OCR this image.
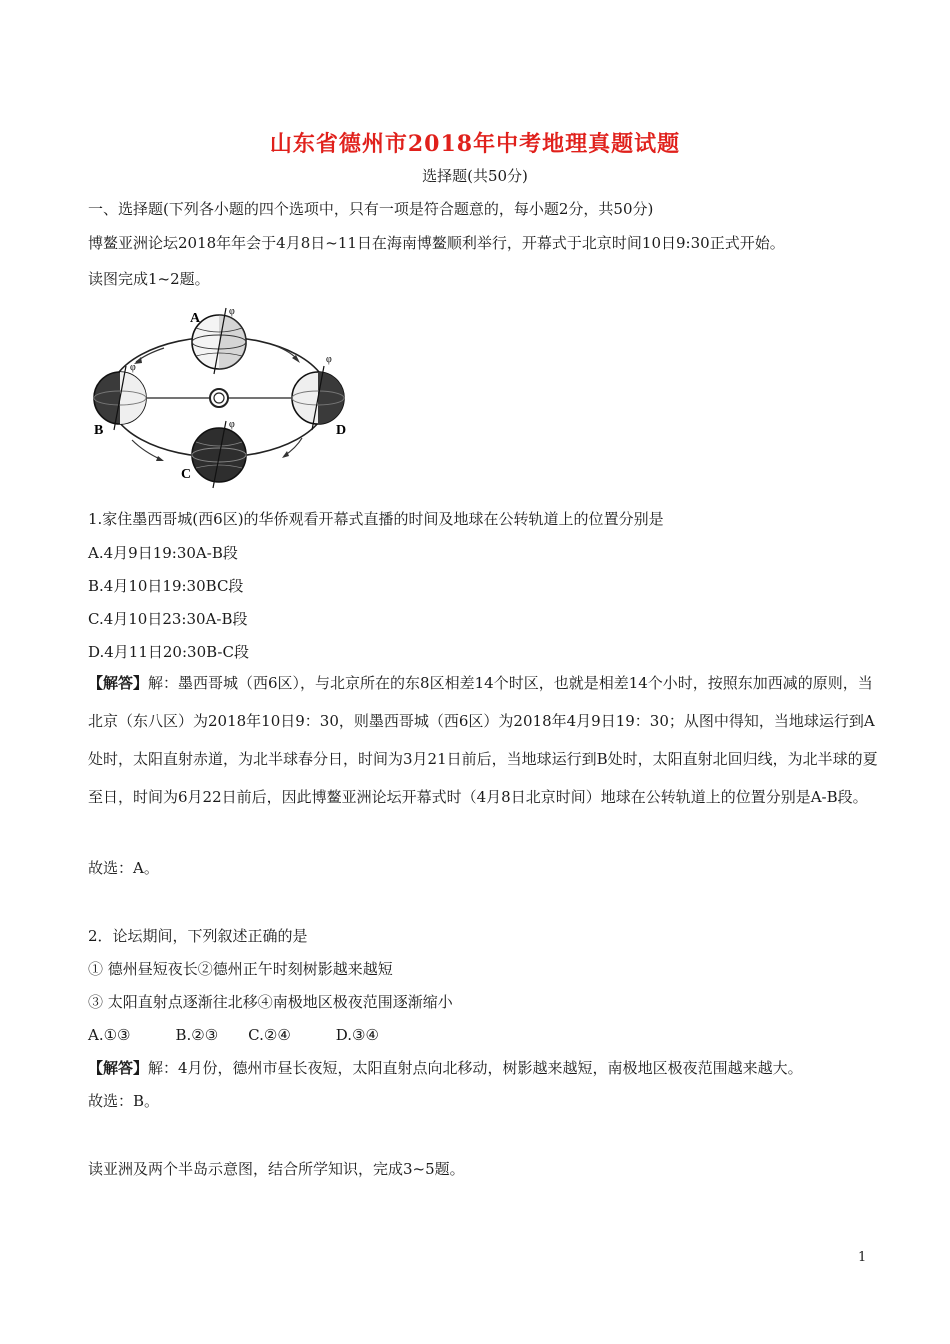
山东省德州市2018年中考地理真题试题
选择题(共50分)
一、选择题(下列各小题的四个选项中，只有一项是符合题意的，每小题2分，共50分)
博鳌亚洲论坛2018年年会于4月8日~11日在海南博鳌顺利举行，开幕式于北京时间10日9:30正式开始。
读图完成1~2题。
A
B
C
D
φ
φ
φ
φ
1.家住墨西哥城(西6区)的华侨观看开幕式直播的时间及地球在公转轨道上的位置分别是
A.4月9日19:30A-B段
B.4月10日19:30BC段
C.4月10日23:30A-B段
D.4月11日20:30B-C段
【解答】解：墨西哥城（西6区），与北京所在的东8区相差14个时区，也就是相差14个小时，按照东加西减的原则，当北京（东八区）为2018年10日9：30，则墨西哥城（西6区）为2018年4月9日19：30；从图中得知，当地球运行到A处时，太阳直射赤道，为北半球春分日，时间为3月21日前后，当地球运行到B处时，太阳直射北回归线，为北半球的夏至日，时间为6月22日前后，因此博鳌亚洲论坛开幕式时（4月8日北京时间）地球在公转轨道上的位置分别是A-B段。
故选：A。
2．论坛期间，下列叙述正确的是
① 德州昼短夜长②德州正午时刻树影越来越短
③ 太阳直射点逐渐往北移④南极地区极夜范围逐渐缩小
A.①③　　　B.②③　　C.②④　　　D.③④
【解答】解：4月份，德州市昼长夜短，太阳直射点向北移动，树影越来越短，南极地区极夜范围越来越大。
故选：B。
读亚洲及两个半岛示意图，结合所学知识，完成3~5题。
1
